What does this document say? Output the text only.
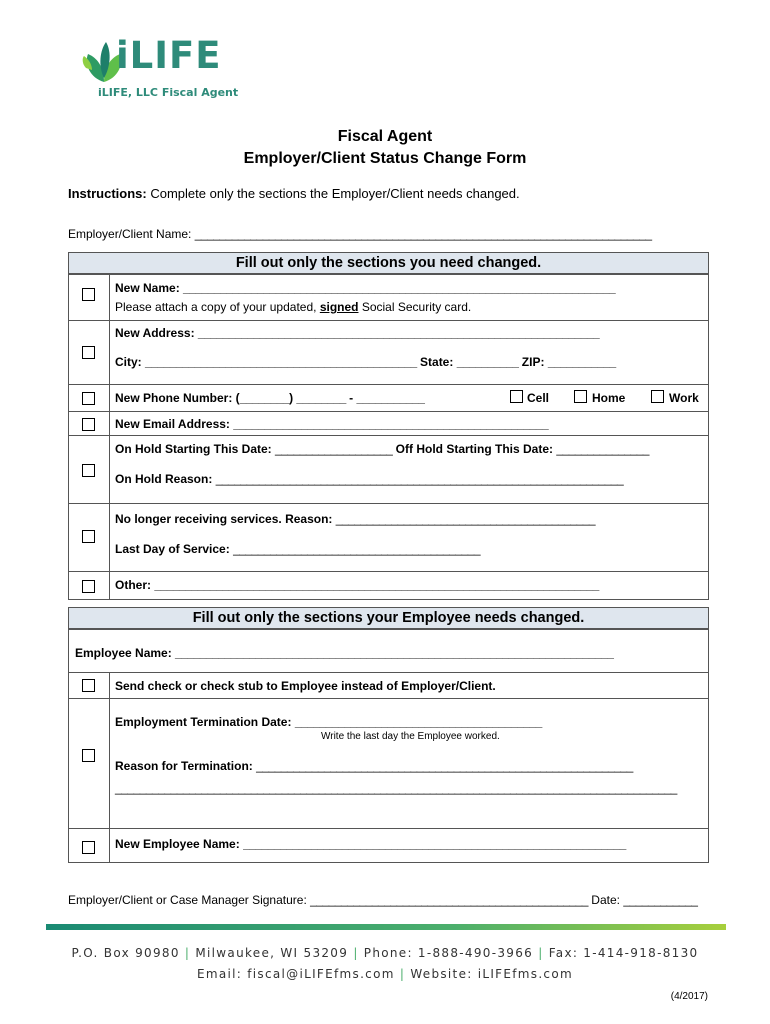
iLIFE
iLIFE, LLC Fiscal Agent
Fiscal Agent
Employer/Client Status Change Form
Instructions: Complete only the sections the Employer/Client needs changed.
Employer/Client Name: __________________________________________________________________________
Fill out only the sections you need changed.
New Name: ______________________________________________________________________
Please attach a copy of your updated, signed Social Security card.
New Address: _________________________________________________________________
City: ____________________________________________ State: __________ ZIP: ___________
New Phone Number: (________) ________ - ___________	Cell	Home	Work
New Email Address: ___________________________________________________
On Hold Starting This Date: ___________________ Off Hold Starting This Date: _______________
On Hold Reason: __________________________________________________________________
No longer receiving services. Reason: __________________________________________
Last Day of Service: ________________________________________
Other: ________________________________________________________________________
Fill out only the sections your Employee needs changed.
Employee Name: _______________________________________________________________________
Send check or check stub to Employee instead of Employer/Client.
Employment Termination Date: ________________________________________
Write the last day the Employee worked.
Reason for Termination: _____________________________________________________________
___________________________________________________________________________________________
New Employee Name: ______________________________________________________________
Employer/Client or Case Manager Signature: _____________________________________________ Date: ____________
P.O. Box 90980 | Milwaukee, WI 53209 | Phone: 1-888-490-3966 | Fax: 1-414-918-8130
Email: fiscal@iLIFEfms.com | Website: iLIFEfms.com
(4/2017)
